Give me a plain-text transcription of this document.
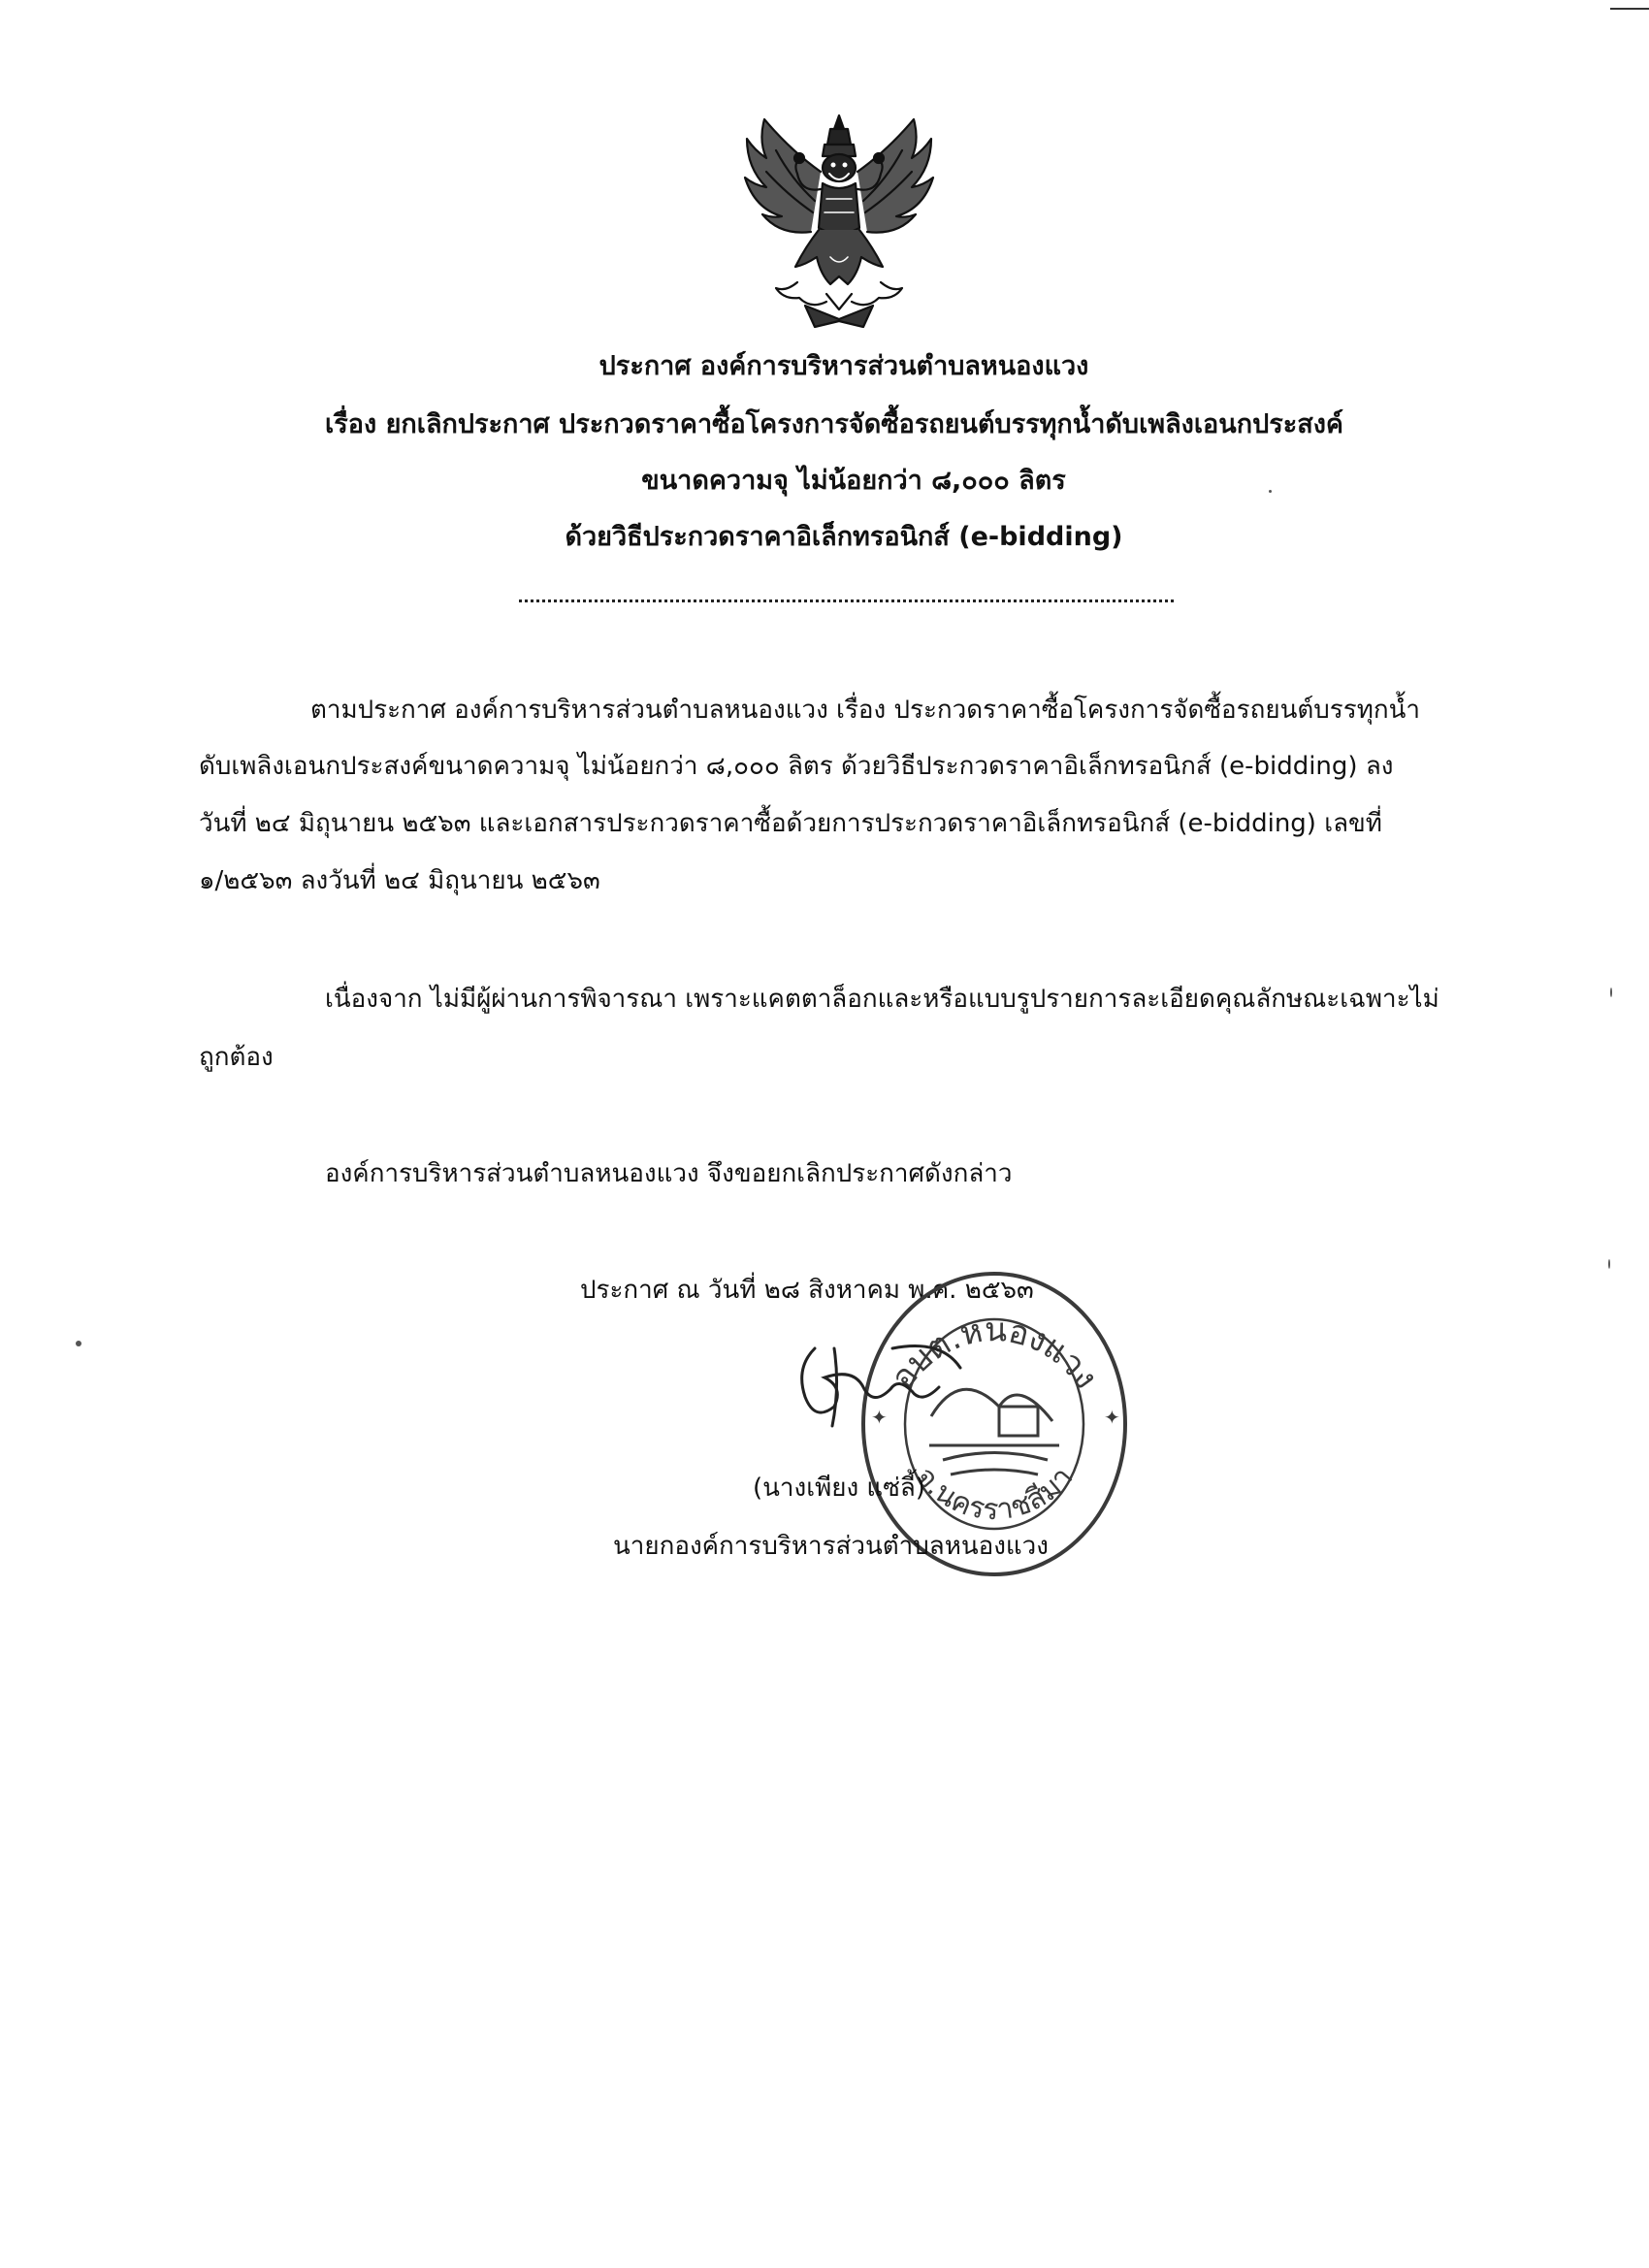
ประกาศ องค์การบริหารส่วนตำบลหนองแวง
เรื่อง ยกเลิกประกาศ ประกวดราคาซื้อโครงการจัดซื้อรถยนต์บรรทุกน้ำดับเพลิงเอนกประสงค์
ขนาดความจุ ไม่น้อยกว่า ๘,๐๐๐ ลิตร
ด้วยวิธีประกวดราคาอิเล็กทรอนิกส์ (e-bidding)
ตามประกาศ องค์การบริหารส่วนตำบลหนองแวง เรื่อง ประกวดราคาซื้อโครงการจัดซื้อรถยนต์บรรทุกน้ำ
ดับเพลิงเอนกประสงค์ขนาดความจุ ไม่น้อยกว่า ๘,๐๐๐ ลิตร ด้วยวิธีประกวดราคาอิเล็กทรอนิกส์ (e-bidding) ลง
วันที่ ๒๔ มิถุนายน ๒๕๖๓ และเอกสารประกวดราคาซื้อด้วยการประกวดราคาอิเล็กทรอนิกส์ (e-bidding) เลขที่
๑/๒๕๖๓ ลงวันที่ ๒๔ มิถุนายน ๒๕๖๓
เนื่องจาก ไม่มีผู้ผ่านการพิจารณา เพราะแคตตาล็อกและหรือแบบรูปรายการละเอียดคุณลักษณะเฉพาะไม่
ถูกต้อง
องค์การบริหารส่วนตำบลหนองแวง จึงขอยกเลิกประกาศดังกล่าว
ประกาศ ณ วันที่ ๒๘ สิงหาคม พ.ศ. ๒๕๖๓
อบต.หนองแวง
จ.นครราชสีมา
✦	✦
(นางเพียง แซ่ลี้)
นายกองค์การบริหารส่วนตำบลหนองแวง
